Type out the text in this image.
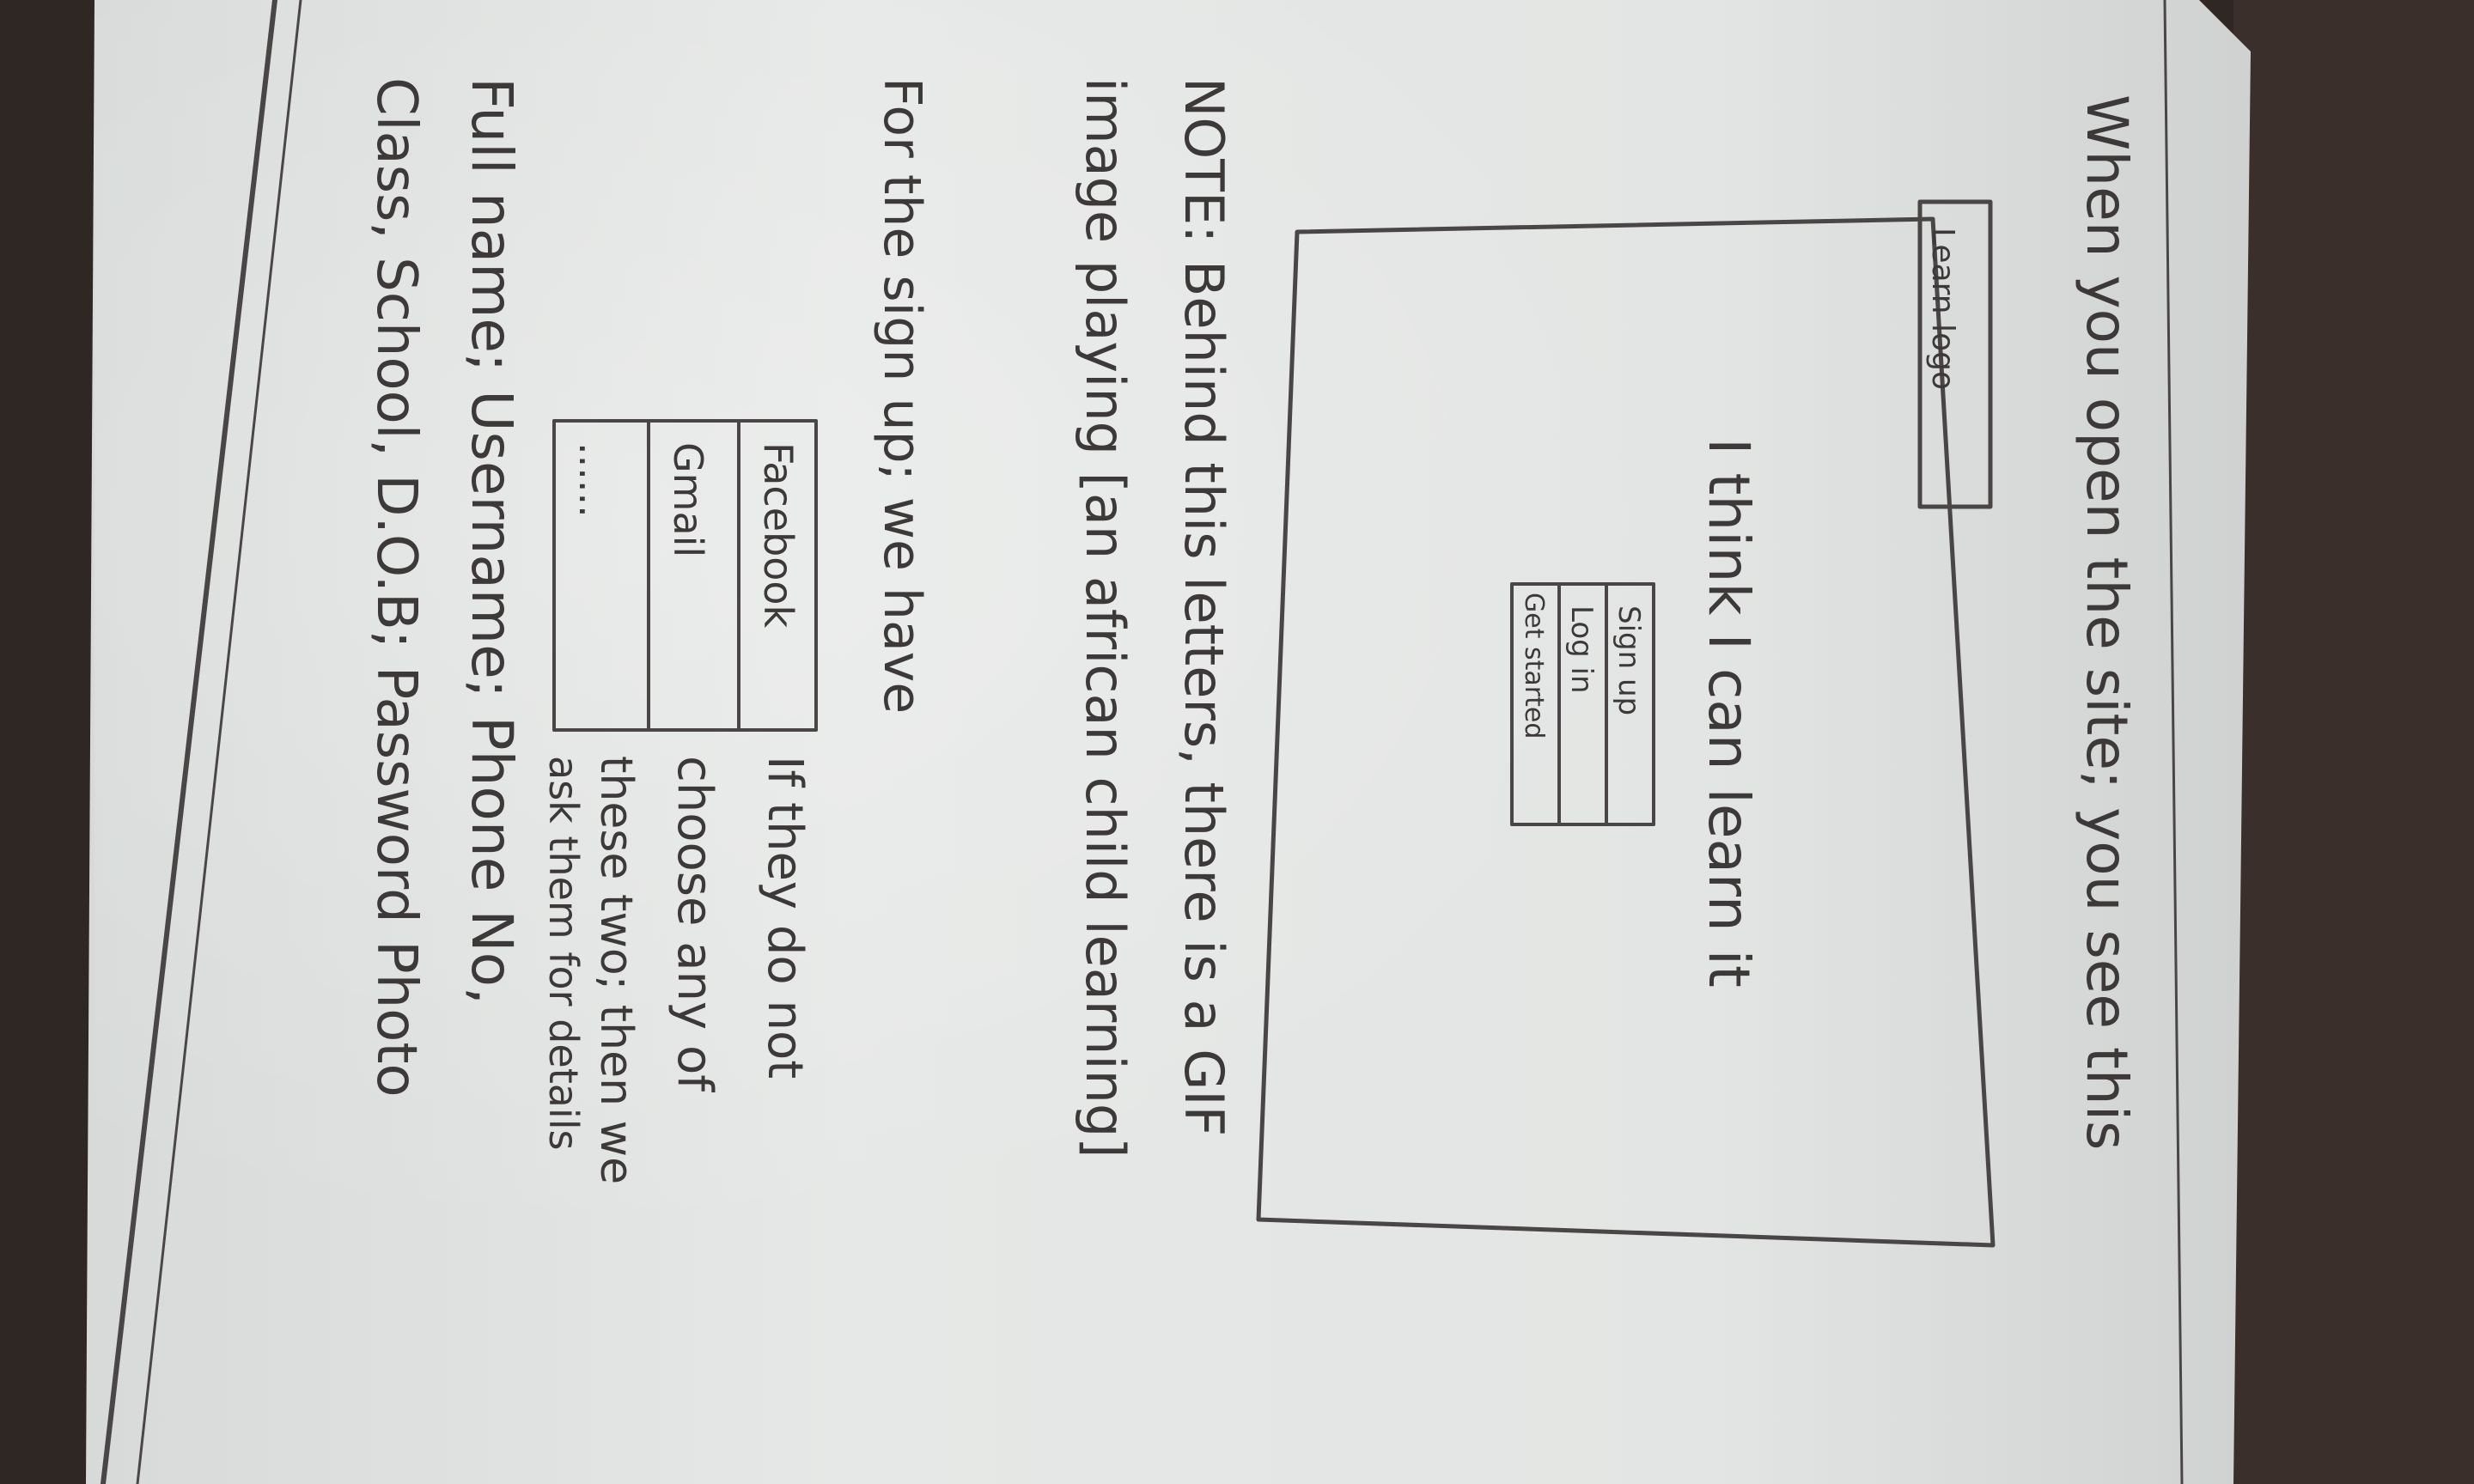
When you open the site; you see this
Learn logo
I think I can learn it
Sign up
Log in
Get started
NOTE: Behind this letters, there is a GIF
image playing [an african child learning]
For the sign up; we have
Facebook
Gmail
......
If they do not
choose any of
these two; then we
ask them for details
Full name; Username; Phone No,
Class, School, D.O.B; Password Photo
